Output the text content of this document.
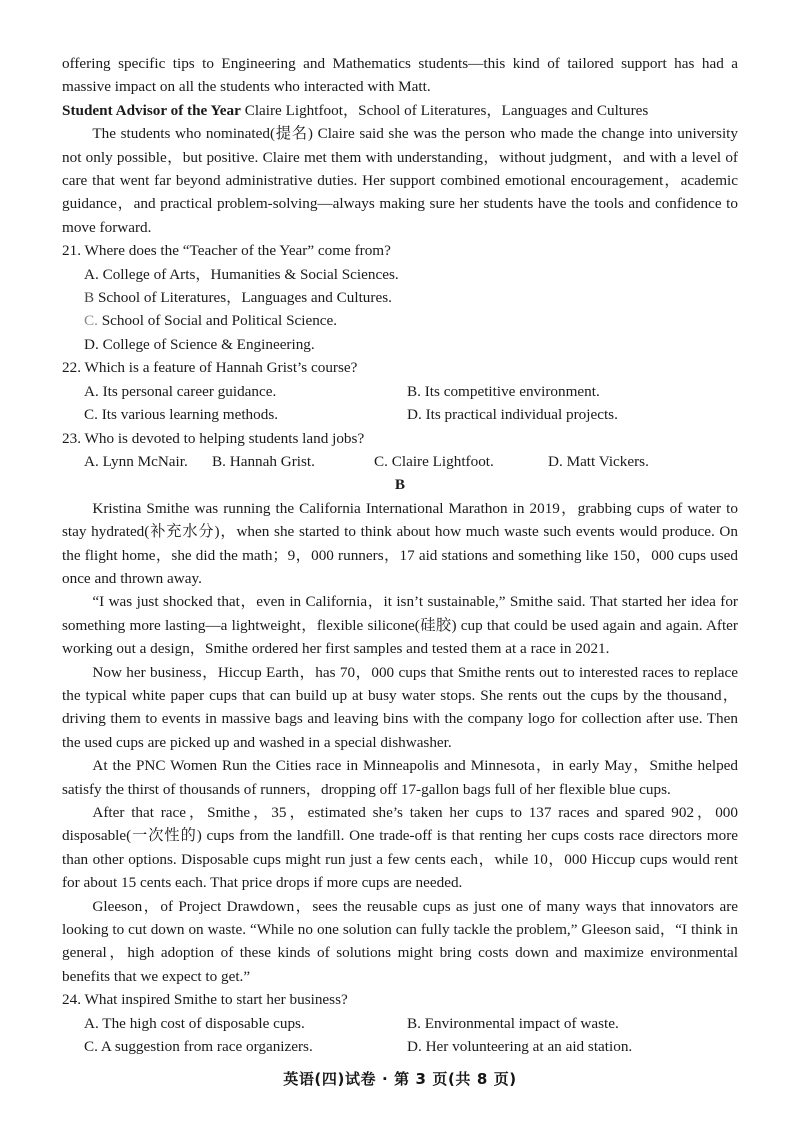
offering specific tips to Engineering and Mathematics students—this kind of tailored support has had a massive impact on all the students who interacted with Matt.

Student Advisor of the Year Claire Lightfoot，School of Literatures，Languages and Cultures

The students who nominated(提名) Claire said she was the person who made the change into university not only possible，but positive. Claire met them with understanding，without judgment，and with a level of care that went far beyond administrative duties. Her support combined emotional encouragement，academic guidance，and practical problem-solving—always making sure her students have the tools and confidence to move forward.

21. Where does the “Teacher of the Year” come from?

A. College of Arts，Humanities & Social Sciences.
B School of Literatures，Languages and Cultures.
C. School of Social and Political Science.
D. College of Science & Engineering.

22. Which is a feature of Hannah Grist’s course?

A. Its personal career guidance.	B. Its competitive environment.
C. Its various learning methods.	D. Its practical individual projects.

23. Who is devoted to helping students land jobs?

A. Lynn McNair.	B. Hannah Grist.	C. Claire Lightfoot.	D. Matt Vickers.

B

Kristina Smithe was running the California International Marathon in 2019，grabbing cups of water to stay hydrated(补充水分)，when she started to think about how much waste such events would produce. On the flight home，she did the math；9，000 runners，17 aid stations and something like 150，000 cups used once and thrown away.

“I was just shocked that，even in California，it isn’t sustainable,” Smithe said. That started her idea for something more lasting—a lightweight，flexible silicone(硅胶) cup that could be used again and again. After working out a design，Smithe ordered her first samples and tested them at a race in 2021.

Now her business，Hiccup Earth，has 70，000 cups that Smithe rents out to interested races to replace the typical white paper cups that can build up at busy water stops. She rents out the cups by the thousand，driving them to events in massive bags and leaving bins with the company logo for collection after use. Then the used cups are picked up and washed in a special dishwasher.

At the PNC Women Run the Cities race in Minneapolis and Minnesota，in early May，Smithe helped satisfy the thirst of thousands of runners，dropping off 17-gallon bags full of her flexible blue cups.

After that race，Smithe，35，estimated she’s taken her cups to 137 races and spared 902，000 disposable(一次性的) cups from the landfill. One trade-off is that renting her cups costs race directors more than other options. Disposable cups might run just a few cents each，while 10，000 Hiccup cups would rent for about 15 cents each. That price drops if more cups are needed.

Gleeson，of Project Drawdown，sees the reusable cups as just one of many ways that innovators are looking to cut down on waste. “While no one solution can fully tackle the problem,” Gleeson said，“I think in general，high adoption of these kinds of solutions might bring costs down and maximize environmental benefits that we expect to get.”

24. What inspired Smithe to start her business?

A. The high cost of disposable cups.	B. Environmental impact of waste.
C. A suggestion from race organizers.	D. Her volunteering at an aid station.
英语(四)试卷 · 第 3 页(共 8 页)
